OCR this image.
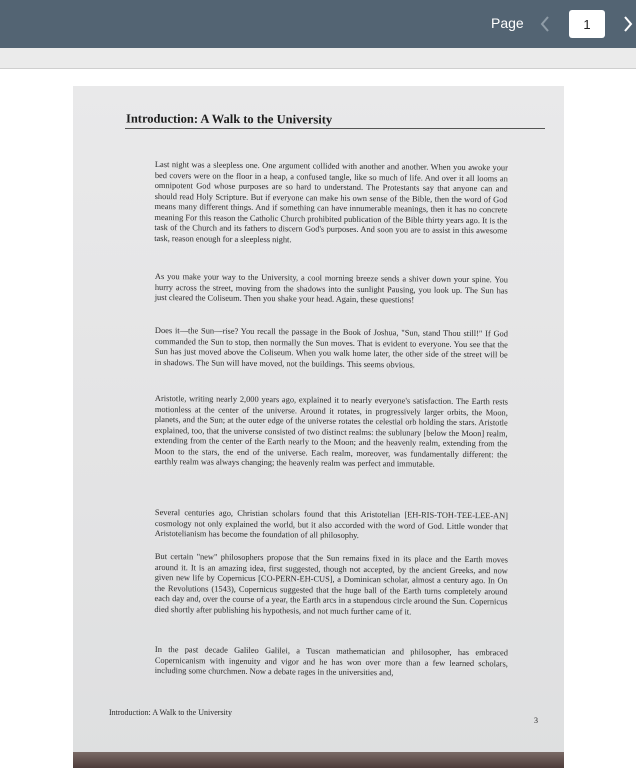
Page
1
Introduction: A Walk to the University
Last night was a sleepless one. One argument collided with another and another. When you awoke your bed covers were on the floor in a heap, a confused tangle, like so much of life. And over it all looms an omnipotent God whose purposes are so hard to understand. The Protestants say that anyone can and should read Holy Scripture. But if everyone can make his own sense of the Bible, then the word of God means many different things. And if something can have innumerable meanings, then it has no concrete meaning For this reason the Catholic Church prohibited publication of the Bible thirty years ago. It is the task of the Church and its fathers to discern God's purposes. And soon you are to assist in this awesome task, reason enough for a sleepless night.
As you make your way to the University, a cool morning breeze sends a shiver down your spine. You hurry across the street, moving from the shadows into the sunlight Pausing, you look up. The Sun has just cleared the Coliseum. Then you shake your head. Again, these questions!
Does it—the Sun—rise? You recall the passage in the Book of Joshua, "Sun, stand Thou still!" If God commanded the Sun to stop, then normally the Sun moves. That is evident to everyone. You see that the Sun has just moved above the Coliseum. When you walk home later, the other side of the street will be in shadows. The Sun will have moved, not the buildings. This seems obvious.
Aristotle, writing nearly 2,000 years ago, explained it to nearly everyone's satisfaction. The Earth rests motionless at the center of the universe. Around it rotates, in progressively larger orbits, the Moon, planets, and the Sun; at the outer edge of the universe rotates the celestial orb holding the stars. Aristotle explained, too, that the universe consisted of two distinct realms: the sublunary [below the Moon] realm, extending from the center of the Earth nearly to the Moon; and the heavenly realm, extending from the Moon to the stars, the end of the universe. Each realm, moreover, was fundamentally different: the earthly realm was always changing; the heavenly realm was perfect and immutable.
Several centuries ago, Christian scholars found that this Aristotelian [EH-RIS-TOH-TEE-LEE-AN] cosmology not only explained the world, but it also accorded with the word of God. Little wonder that Aristotelianism has become the foundation of all philosophy.
But certain "new" philosophers propose that the Sun remains fixed in its place and the Earth moves around it. It is an amazing idea, first suggested, though not accepted, by the ancient Greeks, and now given new life by Copernicus [CO-PERN-EH-CUS], a Dominican scholar, almost a century ago. In On the Revolutions (1543), Copernicus suggested that the huge ball of the Earth turns completely around each day and, over the course of a year, the Earth arcs in a stupendous circle around the Sun. Copernicus died shortly after publishing his hypothesis, and not much further came of it.
In the past decade Galileo Galilei, a Tuscan mathematician and philosopher, has embraced Copernicanism with ingenuity and vigor and he has won over more than a few learned scholars, including some churchmen. Now a debate rages in the universities and,
Introduction: A Walk to the University
3
